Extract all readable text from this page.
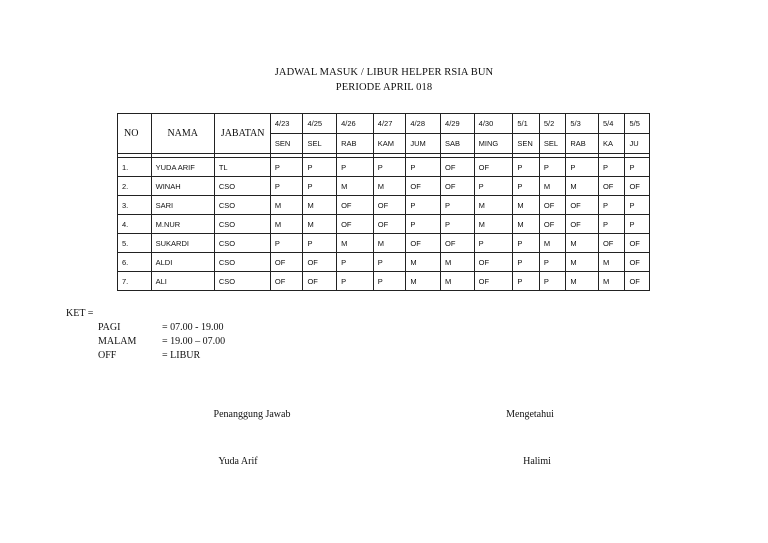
JADWAL MASUK / LIBUR HELPER RSIA BUN
PERIODE APRIL 018
NO	NAMA	JABATAN	4/23	4/25	4/26	4/27	4/28	4/29	4/30	5/1	5/2	5/3	5/4	5/5
			SEN	SEL	RAB	KAM	JUM	SAB	MING	SEN	SEL	RAB	KA	JU

1.	YUDA ARIF	TL	P	P	P	P	P	OF	OF	P	P	P	P	P
2.	WINAH	CSO	P	P	M	M	OF	OF	P	P	M	M	OF	OF
3.	SARI	CSO	M	M	OF	OF	P	P	M	M	OF	OF	P	P
4.	M.NUR	CSO	M	M	OF	OF	P	P	M	M	OF	OF	P	P
5.	SUKARDI	CSO	P	P	M	M	OF	OF	P	P	M	M	OF	OF
6.	ALDI	CSO	OF	OF	P	P	M	M	OF	P	P	M	M	OF
7.	ALI	CSO	OF	OF	P	P	M	M	OF	P	P	M	M	OF
KET =
PAGI	= 07.00 - 19.00
MALAM	= 19.00 – 07.00
OFF	= LIBUR
Penanggung Jawab
Yuda Arif
Mengetahui
Halimi
